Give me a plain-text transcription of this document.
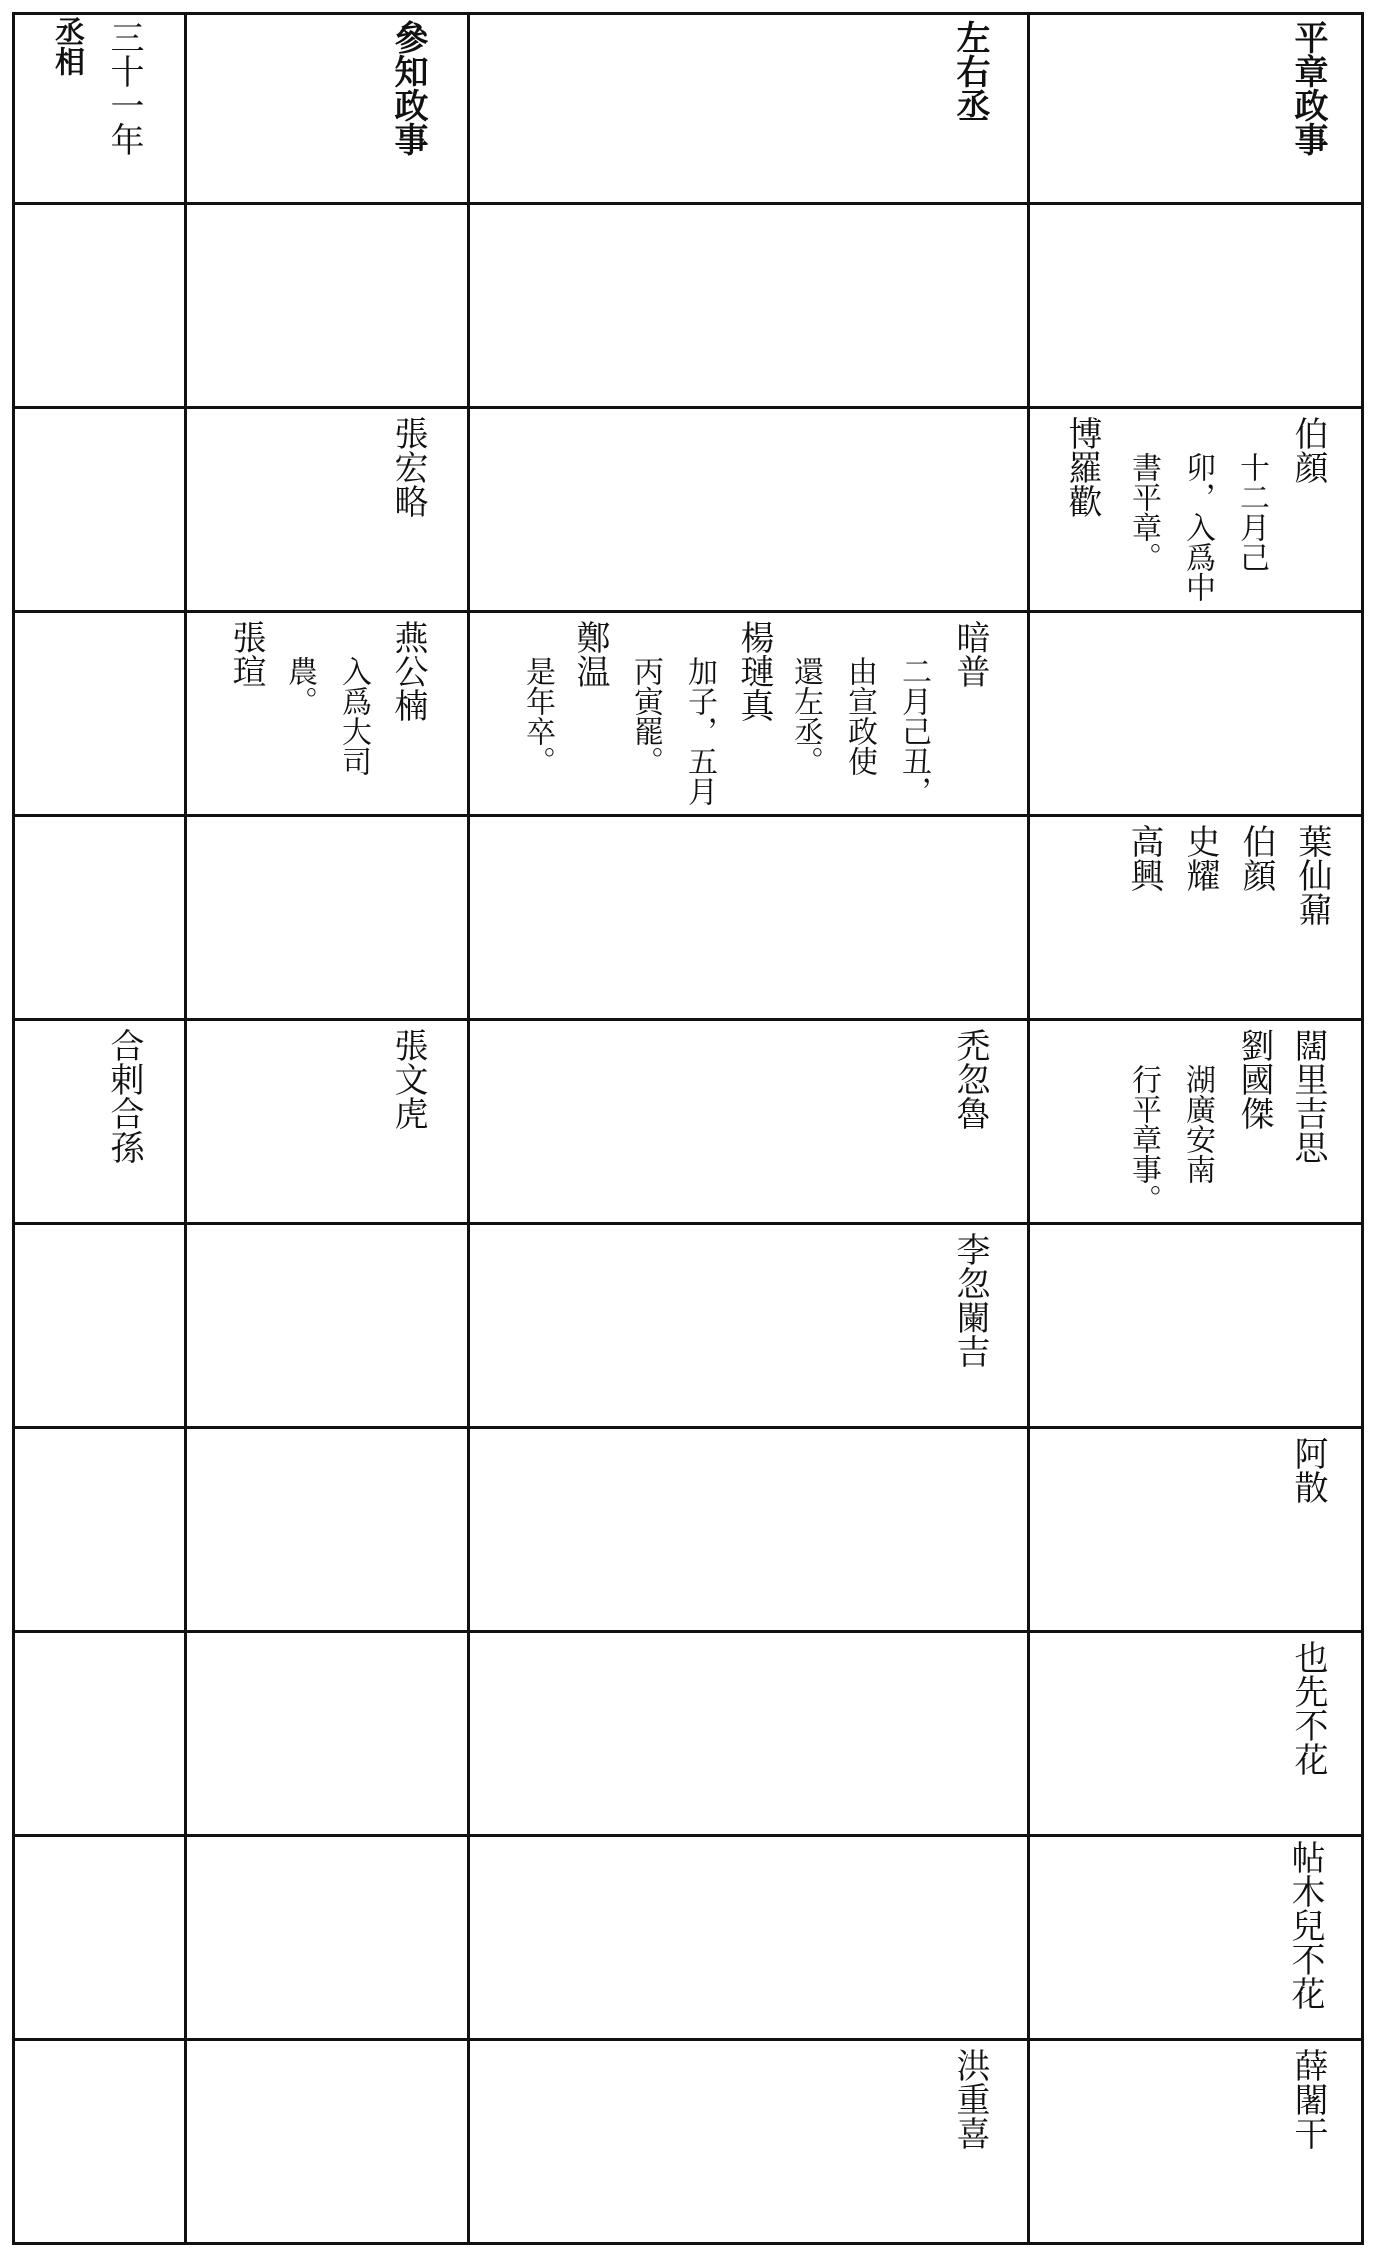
平章政事
左右丞
參知政事
丞相 三十一年
伯顔
十二月己
卯，入爲中
書平章。
博羅歡
張宏略
暗普
二月己丑，
由宣政使
還左丞。
楊璉真
加子，五月
丙寅罷。
鄭温
是年卒。
燕公楠
入爲大司
農。
張瑄
葉仙鼐
伯顔
史耀
高興
闊里吉思
劉國傑
湖廣安南
行平章事。
禿忽魯
張文虎
合剌合孫
李忽闌吉
阿散
也先不花
帖木兒不花
薛闍干
洪重喜
